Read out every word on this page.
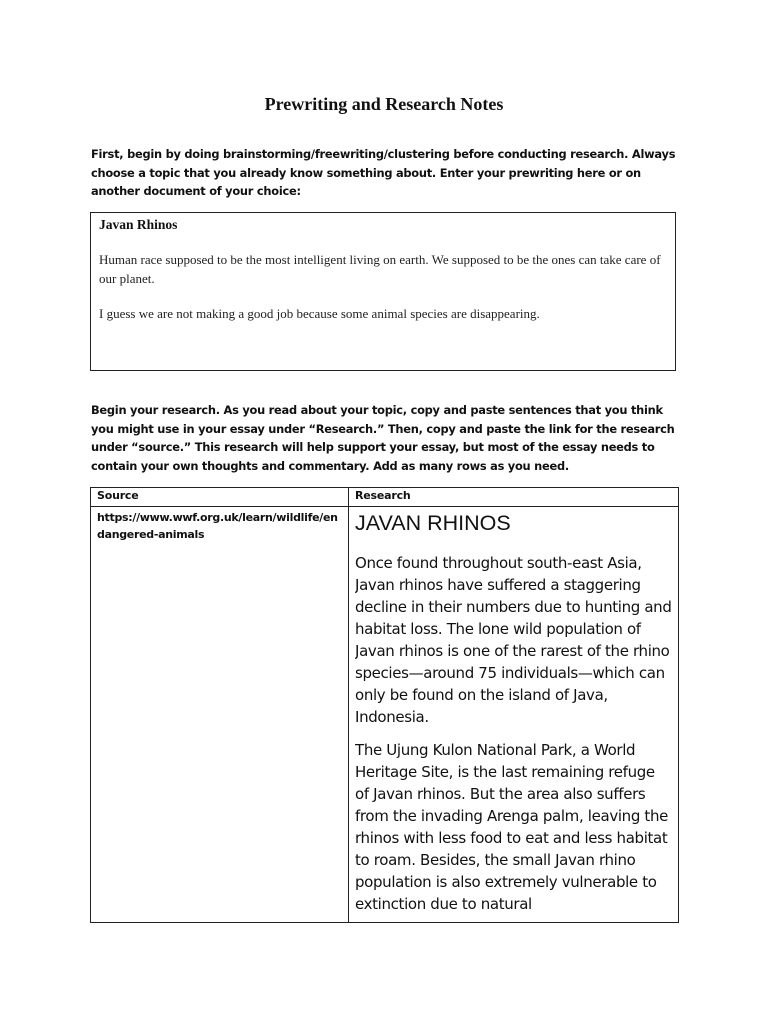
Prewriting and Research Notes
First, begin by doing brainstorming/freewriting/clustering before conducting research. Always choose a topic that you already know something about. Enter your prewriting here or on another document of your choice:
Javan Rhinos

Human race supposed to be the most intelligent living on earth. We supposed to be the ones can take care of our planet.

I guess we are not making a good job because some animal species are disappearing.

Begin your research. As you read about your topic, copy and paste sentences that you think you might use in your essay under “Research.” Then, copy and paste the link for the research under “source.” This research will help support your essay, but most of the essay needs to contain your own thoughts and commentary. Add as many rows as you need.
Source	Research
https://www.wwf.org.uk/learn/wildlife/endangered-animals	JAVAN RHINOS

Once found throughout south-east Asia, Javan rhinos have suffered a staggering decline in their numbers due to hunting and habitat loss. The lone wild population of Javan rhinos is one of the rarest of the rhino species—around 75 individuals—which can only be found on the island of Java, Indonesia.

The Ujung Kulon National Park, a World Heritage Site, is the last remaining refuge of Javan rhinos. But the area also suffers from the invading Arenga palm, leaving the rhinos with less food to eat and less habitat to roam. Besides, the small Javan rhino population is also extremely vulnerable to extinction due to natural
